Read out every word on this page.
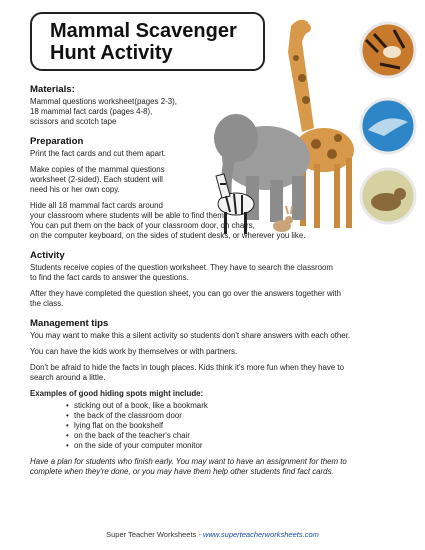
Mammal Scavenger
Hunt Activity
Materials:

Mammal questions worksheet(pages 2-3),

18 mammal fact cards (pages 4-8),

scissors and scotch tape

Preparation

Print the fact cards and cut them apart.

Make copies of the mammal questions

worksheet (2-sided). Each student will

need his or her own copy.

Hide all 18 mammal fact cards around

your classroom where students will be able to find them.

You can put them on the back of your classroom door, on chairs,

on the computer keyboard, on the sides of student desks, or wherever you like.

Activity

Students receive copies of the question worksheet. They have to search the classroom

to find the fact cards to answer the questions.

After they have completed the question sheet, you can go over the answers together with

the class.

Management tips

You may want to make this a silent activity so students don't share answers with each other.

You can have the kids work by themselves or with partners.

Don't be afraid to hide the facts in tough places. Kids think it's more fun when they have to

search around a little.

Examples of good hiding spots might include:

• sticking out of a book, like a bookmark
• the back of the classroom door
• lying flat on the bookshelf
• on the back of the teacher's chair
• on the side of your computer monitor

Have a plan for students who finish early. You may want to have an assignment for them to

complete when they're done, or you may have them help other students find fact cards.

Super Teacher Worksheets - www.superteacherworksheets.com
